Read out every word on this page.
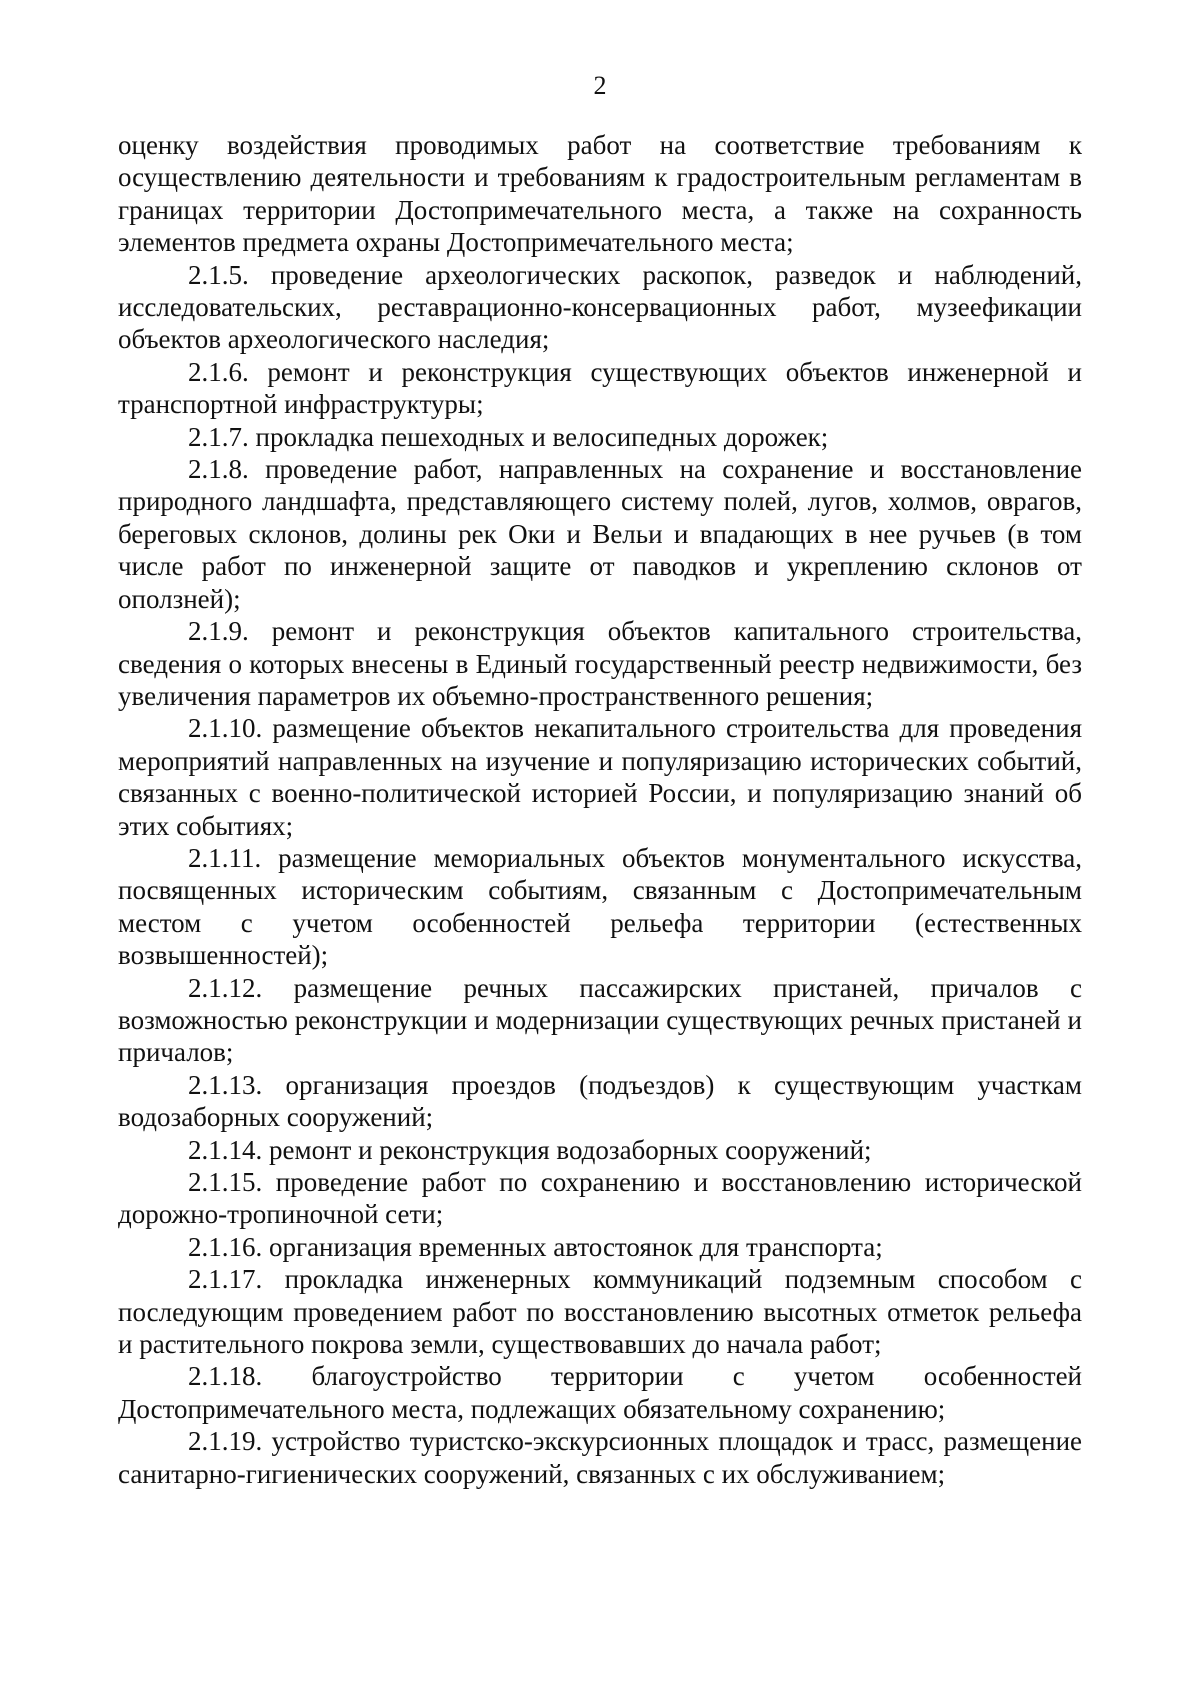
2

оценку воздействия проводимых работ на соответствие требованиям к осуществлению деятельности и требованиям к градостроительным регламентам в границах территории Достопримечательного места, а также на сохранность элементов предмета охраны Достопримечательного места;

2.1.5. проведение археологических раскопок, разведок и наблюдений, исследовательских, реставрационно-консервационных работ, музеефикации объектов археологического наследия;

2.1.6. ремонт и реконструкция существующих объектов инженерной и транспортной инфраструктуры;

2.1.7. прокладка пешеходных и велосипедных дорожек;

2.1.8. проведение работ, направленных на сохранение и восстановление природного ландшафта, представляющего систему полей, лугов, холмов, оврагов, береговых склонов, долины рек Оки и Вельи и впадающих в нее ручьев (в том числе работ по инженерной защите от паводков и укреплению склонов от оползней);

2.1.9. ремонт и реконструкция объектов капитального строительства, сведения о которых внесены в Единый государственный реестр недвижимости, без увеличения параметров их объемно-пространственного решения;

2.1.10. размещение объектов некапитального строительства для проведения мероприятий направленных на изучение и популяризацию исторических событий, связанных с военно-политической историей России, и популяризацию знаний об этих событиях;

2.1.11. размещение мемориальных объектов монументального искусства, посвященных историческим событиям, связанным с Достопримечательным местом с учетом особенностей рельефа территории (естественных возвышенностей);

2.1.12. размещение речных пассажирских пристаней, причалов с возможностью реконструкции и модернизации существующих речных пристаней и причалов;

2.1.13. организация проездов (подъездов) к существующим участкам водозаборных сооружений;

2.1.14. ремонт и реконструкция водозаборных сооружений;

2.1.15. проведение работ по сохранению и восстановлению исторической дорожно-тропиночной сети;

2.1.16. организация временных автостоянок для транспорта;

2.1.17. прокладка инженерных коммуникаций подземным способом с последующим проведением работ по восстановлению высотных отметок рельефа и растительного покрова земли, существовавших до начала работ;

2.1.18. благоустройство территории с учетом особенностей Достопримечательного места, подлежащих обязательному сохранению;

2.1.19. устройство туристско-экскурсионных площадок и трасс, размещение санитарно-гигиенических сооружений, связанных с их обслуживанием;
